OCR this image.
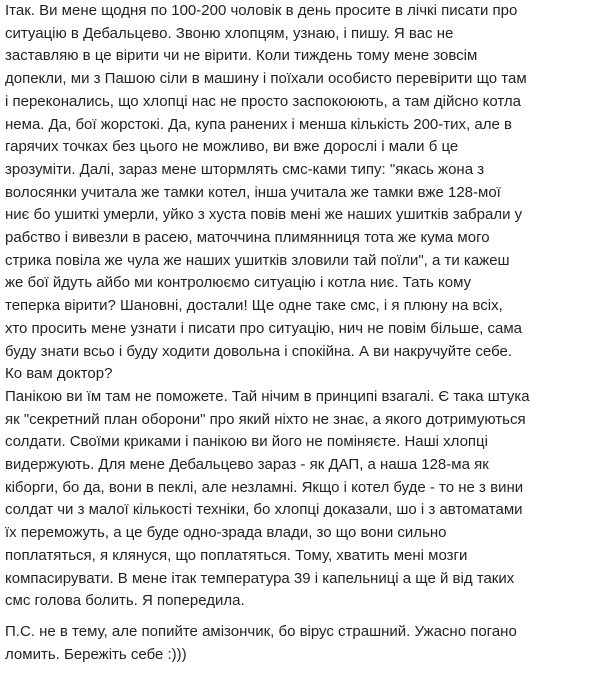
Ітак. Ви мене щодня по 100-200 чоловік в день просите в лічкі писати про
ситуацію в Дебальцево. Звоню хлопцям, узнаю, і пишу. Я вас не
заставляю в це вірити чи не вірити. Коли тиждень тому мене зовсім
допекли, ми з Пашою сіли в машину і поїхали особисто перевірити що там
і переконались, що хлопці нас не просто заспокоюють, а там дійсно котла
нема. Да, бої жорстокі. Да, купа ранених і менша кількість 200-тих, але в
гарячих точках без цього не можливо, ви вже дорослі і мали б це
зрозуміти. Далі, зараз мене штормлять смс-ками типу: "якась жона з
волосянки учитала же тамки котел, інша учитала же тамки вже 128-мої
ниє бо ушиткі умерли, уйко з хуста повів мені же наших ушитків забрали у
рабство і вивезли в расею, маточчина плимянниця тота же кума мого
стрика повіла же чула же наших ушитків зловили тай поїли", а ти кажеш
же бої йдуть айбо ми контролюємо ситуацію і котла ниє. Тать кому
теперка вірити? Шановні, достали! Ще одне таке смс, і я плюну на всіх,
хто просить мене узнати і писати про ситуацію, нич не повім більше, сама
буду знати всьо і буду ходити довольна і спокійна. А ви накручуйте себе.
Ко вам доктор?
Панікою ви їм там не поможете. Тай нічим в принципі взагалі. Є така штука
як "секретний план оборони" про який ніхто не знає, а якого дотримуються
солдати. Своїми криками і панікою ви його не поміняєте. Наші хлопці
видержують. Для мене Дебальцево зараз - як ДАП, а наша 128-ма як
кіборги, бо да, вони в пеклі, але незламні. Якщо і котел буде - то не з вини
солдат чи з малої кількості техніки, бо хлопці доказали, шо і з автоматами
їх переможуть, а це буде одно-зрада влади, зо що вони сильно
поплатяться, я клянуся, що поплатяться. Тому, хватить мені мозги
компасирувати. В мене ітак температура 39 і капельниці а ще й від таких
смс голова болить. Я попередила.
П.С. не в тему, але попийте амізончик, бо вірус страшний. Ужасно погано
ломить. Бережіть себе :)))
